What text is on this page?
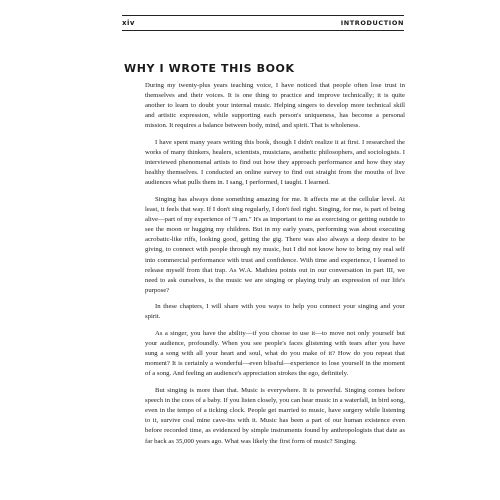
xiv	INTRODUCTION
WHY I WROTE THIS BOOK

During my twenty-plus years teaching voice, I have noticed that people often lose trust in themselves and their voices. It is one thing to practice and improve technically; it is quite another to learn to doubt your internal music. Helping singers to develop more technical skill and artistic expression, while supporting each person's uniqueness, has become a personal mission. It requires a balance between body, mind, and spirit. That is wholeness.

I have spent many years writing this book, though I didn't realize it at first. I researched the works of many thinkers, healers, scientists, musicians, aesthetic philosophers, and sociologists. I interviewed phenomenal artists to find out how they approach performance and how they stay healthy themselves. I conducted an online survey to find out straight from the mouths of live audiences what pulls them in. I sang, I performed, I taught. I learned.

Singing has always done something amazing for me. It affects me at the cellular level. At least, it feels that way. If I don't sing regularly, I don't feel right. Singing, for me, is part of being alive—part of my experience of "I am." It's as important to me as exercising or getting outside to see the moon or hugging my children. But in my early years, performing was about executing acrobatic-like riffs, looking good, getting the gig. There was also always a deep desire to be giving, to connect with people through my music, but I did not know how to bring my real self into commercial performance with trust and confidence. With time and experience, I learned to release myself from that trap. As W.A. Mathieu points out in our conversation in part III, we need to ask ourselves, is the music we are singing or playing truly an expression of our life's purpose?

In these chapters, I will share with you ways to help you connect your singing and your spirit.

As a singer, you have the ability—if you choose to use it—to move not only yourself but your audience, profoundly. When you see people's faces glistening with tears after you have sung a song with all your heart and soul, what do you make of it? How do you repeat that moment? It is certainly a wonderful—even blissful—experience to lose yourself in the moment of a song. And feeling an audience's appreciation strokes the ego, definitely.

But singing is more than that. Music is everywhere. It is powerful. Singing comes before speech in the coos of a baby. If you listen closely, you can hear music in a waterfall, in bird song, even in the tempo of a ticking clock. People get married to music, have surgery while listening to it, survive coal mine cave-ins with it. Music has been a part of our human existence even before recorded time, as evidenced by simple instruments found by anthropologists that date as far back as 35,000 years ago. What was likely the first form of music? Singing.
